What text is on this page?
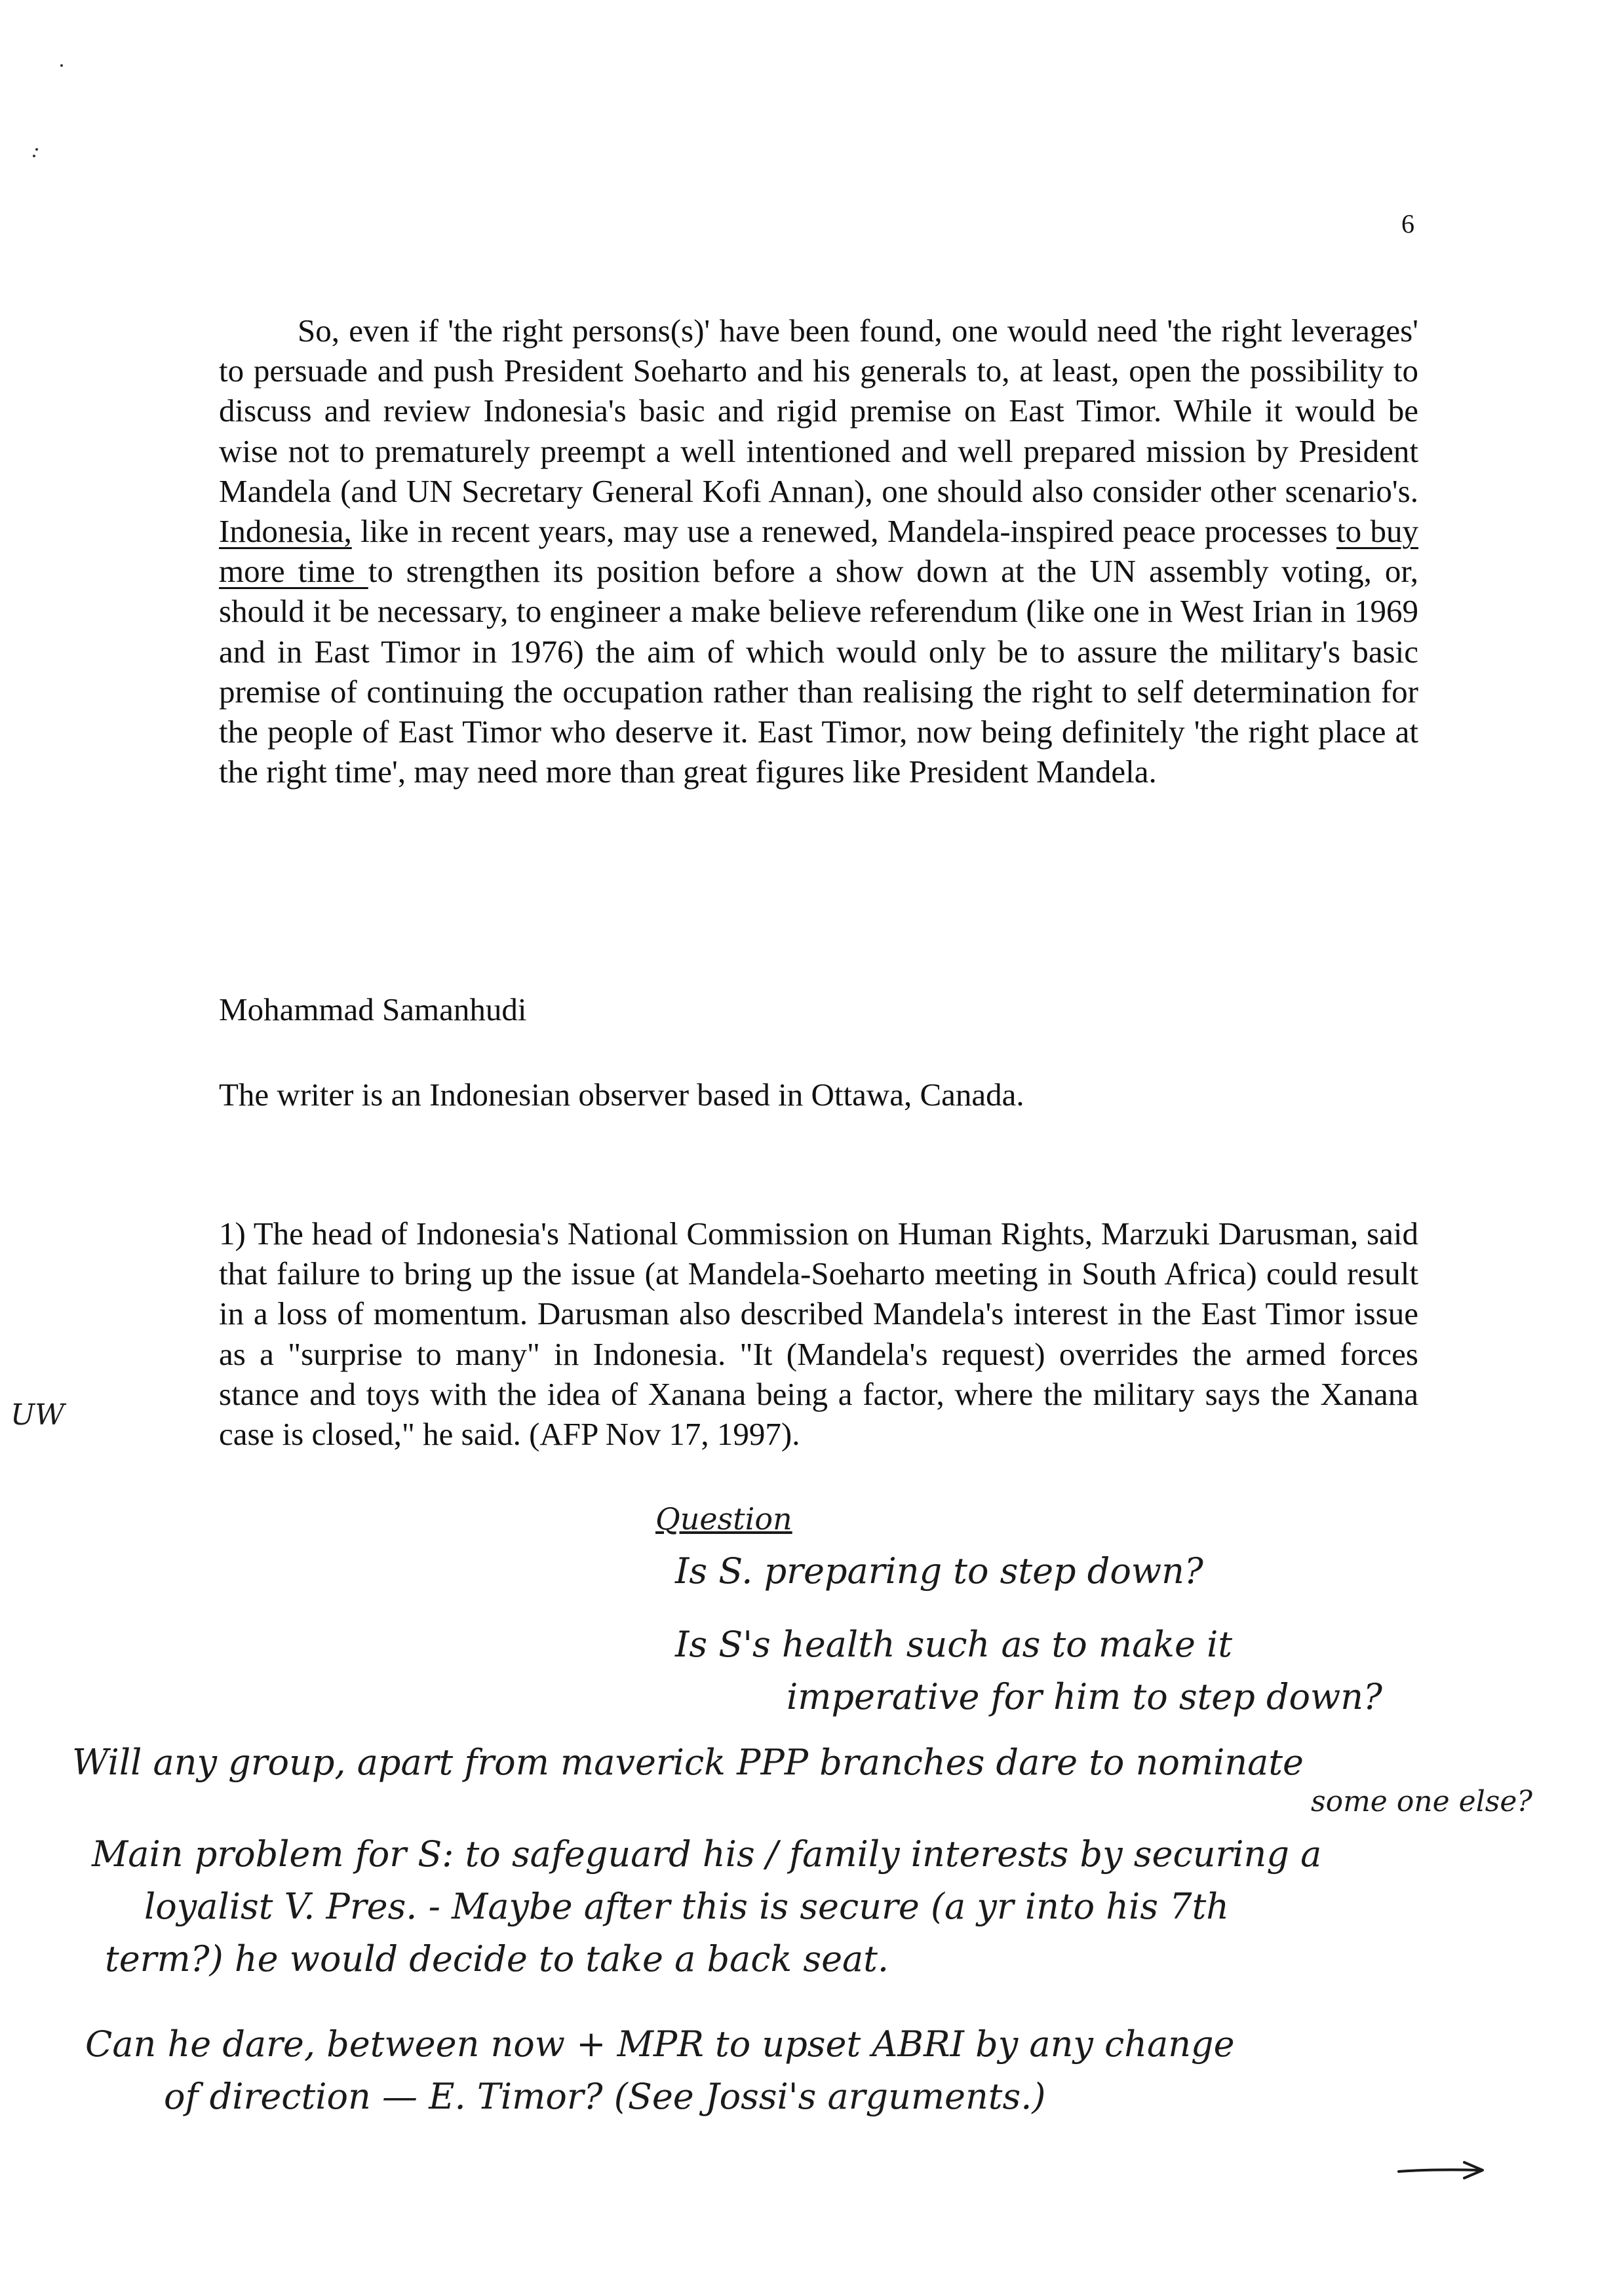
6

So, even if 'the right persons(s)' have been found, one would need 'the right leverages' to persuade and push President Soeharto and his generals to, at least, open the possibility to discuss and review Indonesia's basic and rigid premise on East Timor. While it would be wise not to prematurely preempt a well intentioned and well prepared mission by President Mandela (and UN Secretary General Kofi Annan), one should also consider other scenario's. Indonesia, like in recent years, may use a renewed, Mandela-inspired peace processes to buy more time to strengthen its position before a show down at the UN assembly voting, or, should it be necessary, to engineer a make believe referendum (like one in West Irian in 1969 and in East Timor in 1976) the aim of which would only be to assure the military's basic premise of continuing the occupation rather than realising the right to self determination for the people of East Timor who deserve it. East Timor, now being definitely 'the right place at the right time', may need more than great figures like President Mandela.

Mohammad Samanhudi

The writer is an Indonesian observer based in Ottawa, Canada.

1) The head of Indonesia's National Commission on Human Rights, Marzuki Darusman, said that failure to bring up the issue (at Mandela-Soeharto meeting in South Africa) could result in a loss of momentum. Darusman also described Mandela's interest in the East Timor issue as a "surprise to many" in Indonesia. "It (Mandela's request) overrides the armed forces stance and toys with the idea of Xanana being a factor, where the military says the Xanana case is closed," he said. (AFP Nov 17, 1997).

UW
Question
Is S. preparing to step down?
Is S's health such as to make it
imperative for him to step down?
Will any group, apart from maverick PPP branches dare to nominate
some one else?
Main problem for S: to safeguard his / family interests by securing a
loyalist V. Pres. - Maybe after this is secure (a yr into his 7th
term?) he would decide to take a back seat.
Can he dare, between now + MPR to upset ABRI by any change
of direction — E. Timor? (See Jossi's arguments.)
